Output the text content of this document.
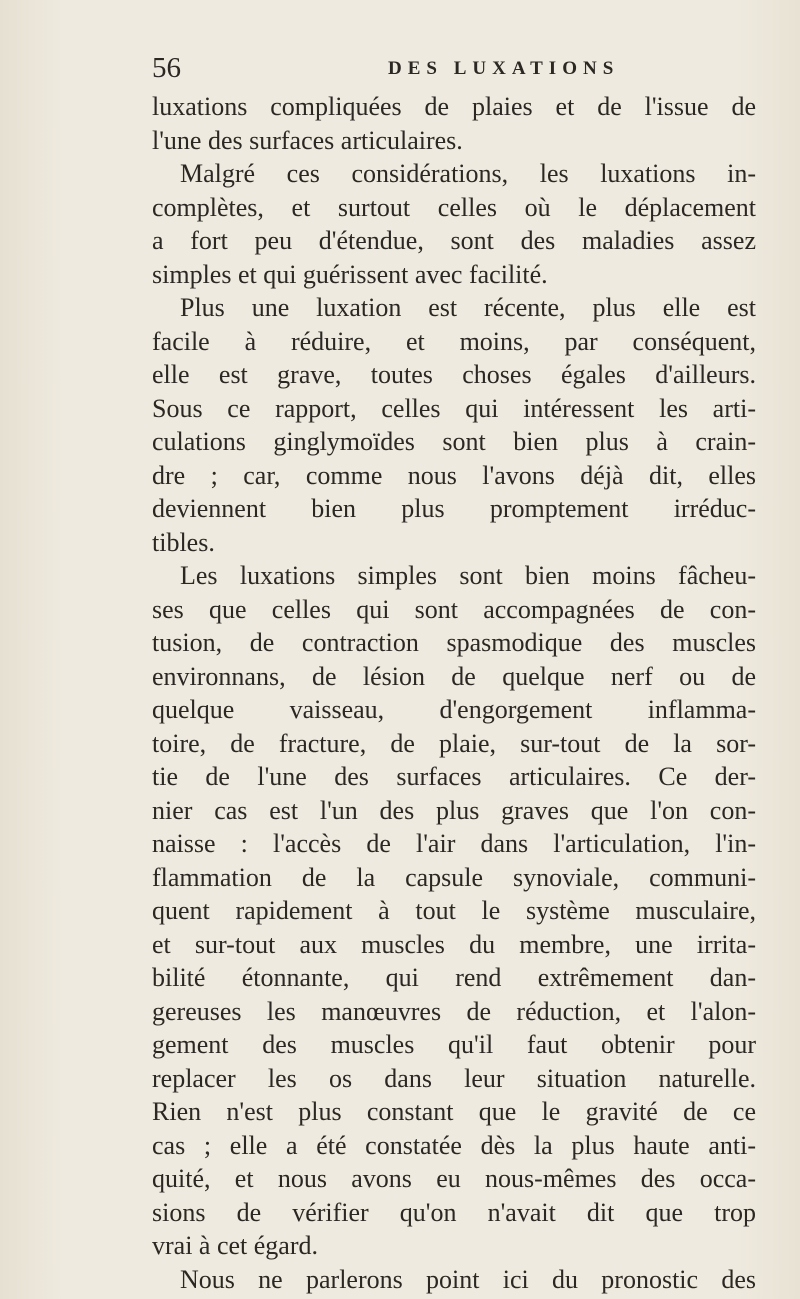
56	DES LUXATIONS
luxations compliquées de plaies et de l'issue de
l'une des surfaces articulaires.
Malgré ces considérations, les luxations in-
complètes, et surtout celles où le déplacement
a fort peu d'étendue, sont des maladies assez
simples et qui guérissent avec facilité.
Plus une luxation est récente, plus elle est
facile à réduire, et moins, par conséquent,
elle est grave, toutes choses égales d'ailleurs.
Sous ce rapport, celles qui intéressent les arti-
culations ginglymoïdes sont bien plus à crain-
dre ; car, comme nous l'avons déjà dit, elles
deviennent bien plus promptement irréduc-
tibles.
Les luxations simples sont bien moins fâcheu-
ses que celles qui sont accompagnées de con-
tusion, de contraction spasmodique des muscles
environnans, de lésion de quelque nerf ou de
quelque vaisseau, d'engorgement inflamma-
toire, de fracture, de plaie, sur-tout de la sor-
tie de l'une des surfaces articulaires. Ce der-
nier cas est l'un des plus graves que l'on con-
naisse : l'accès de l'air dans l'articulation, l'in-
flammation de la capsule synoviale, communi-
quent rapidement à tout le système musculaire,
et sur-tout aux muscles du membre, une irrita-
bilité étonnante, qui rend extrêmement dan-
gereuses les manœuvres de réduction, et l'alon-
gement des muscles qu'il faut obtenir pour
replacer les os dans leur situation naturelle.
Rien n'est plus constant que le gravité de ce
cas ; elle a été constatée dès la plus haute anti-
quité, et nous avons eu nous-mêmes des occa-
sions de vérifier qu'on n'avait dit que trop
vrai à cet égard.
Nous ne parlerons point ici du pronostic des
